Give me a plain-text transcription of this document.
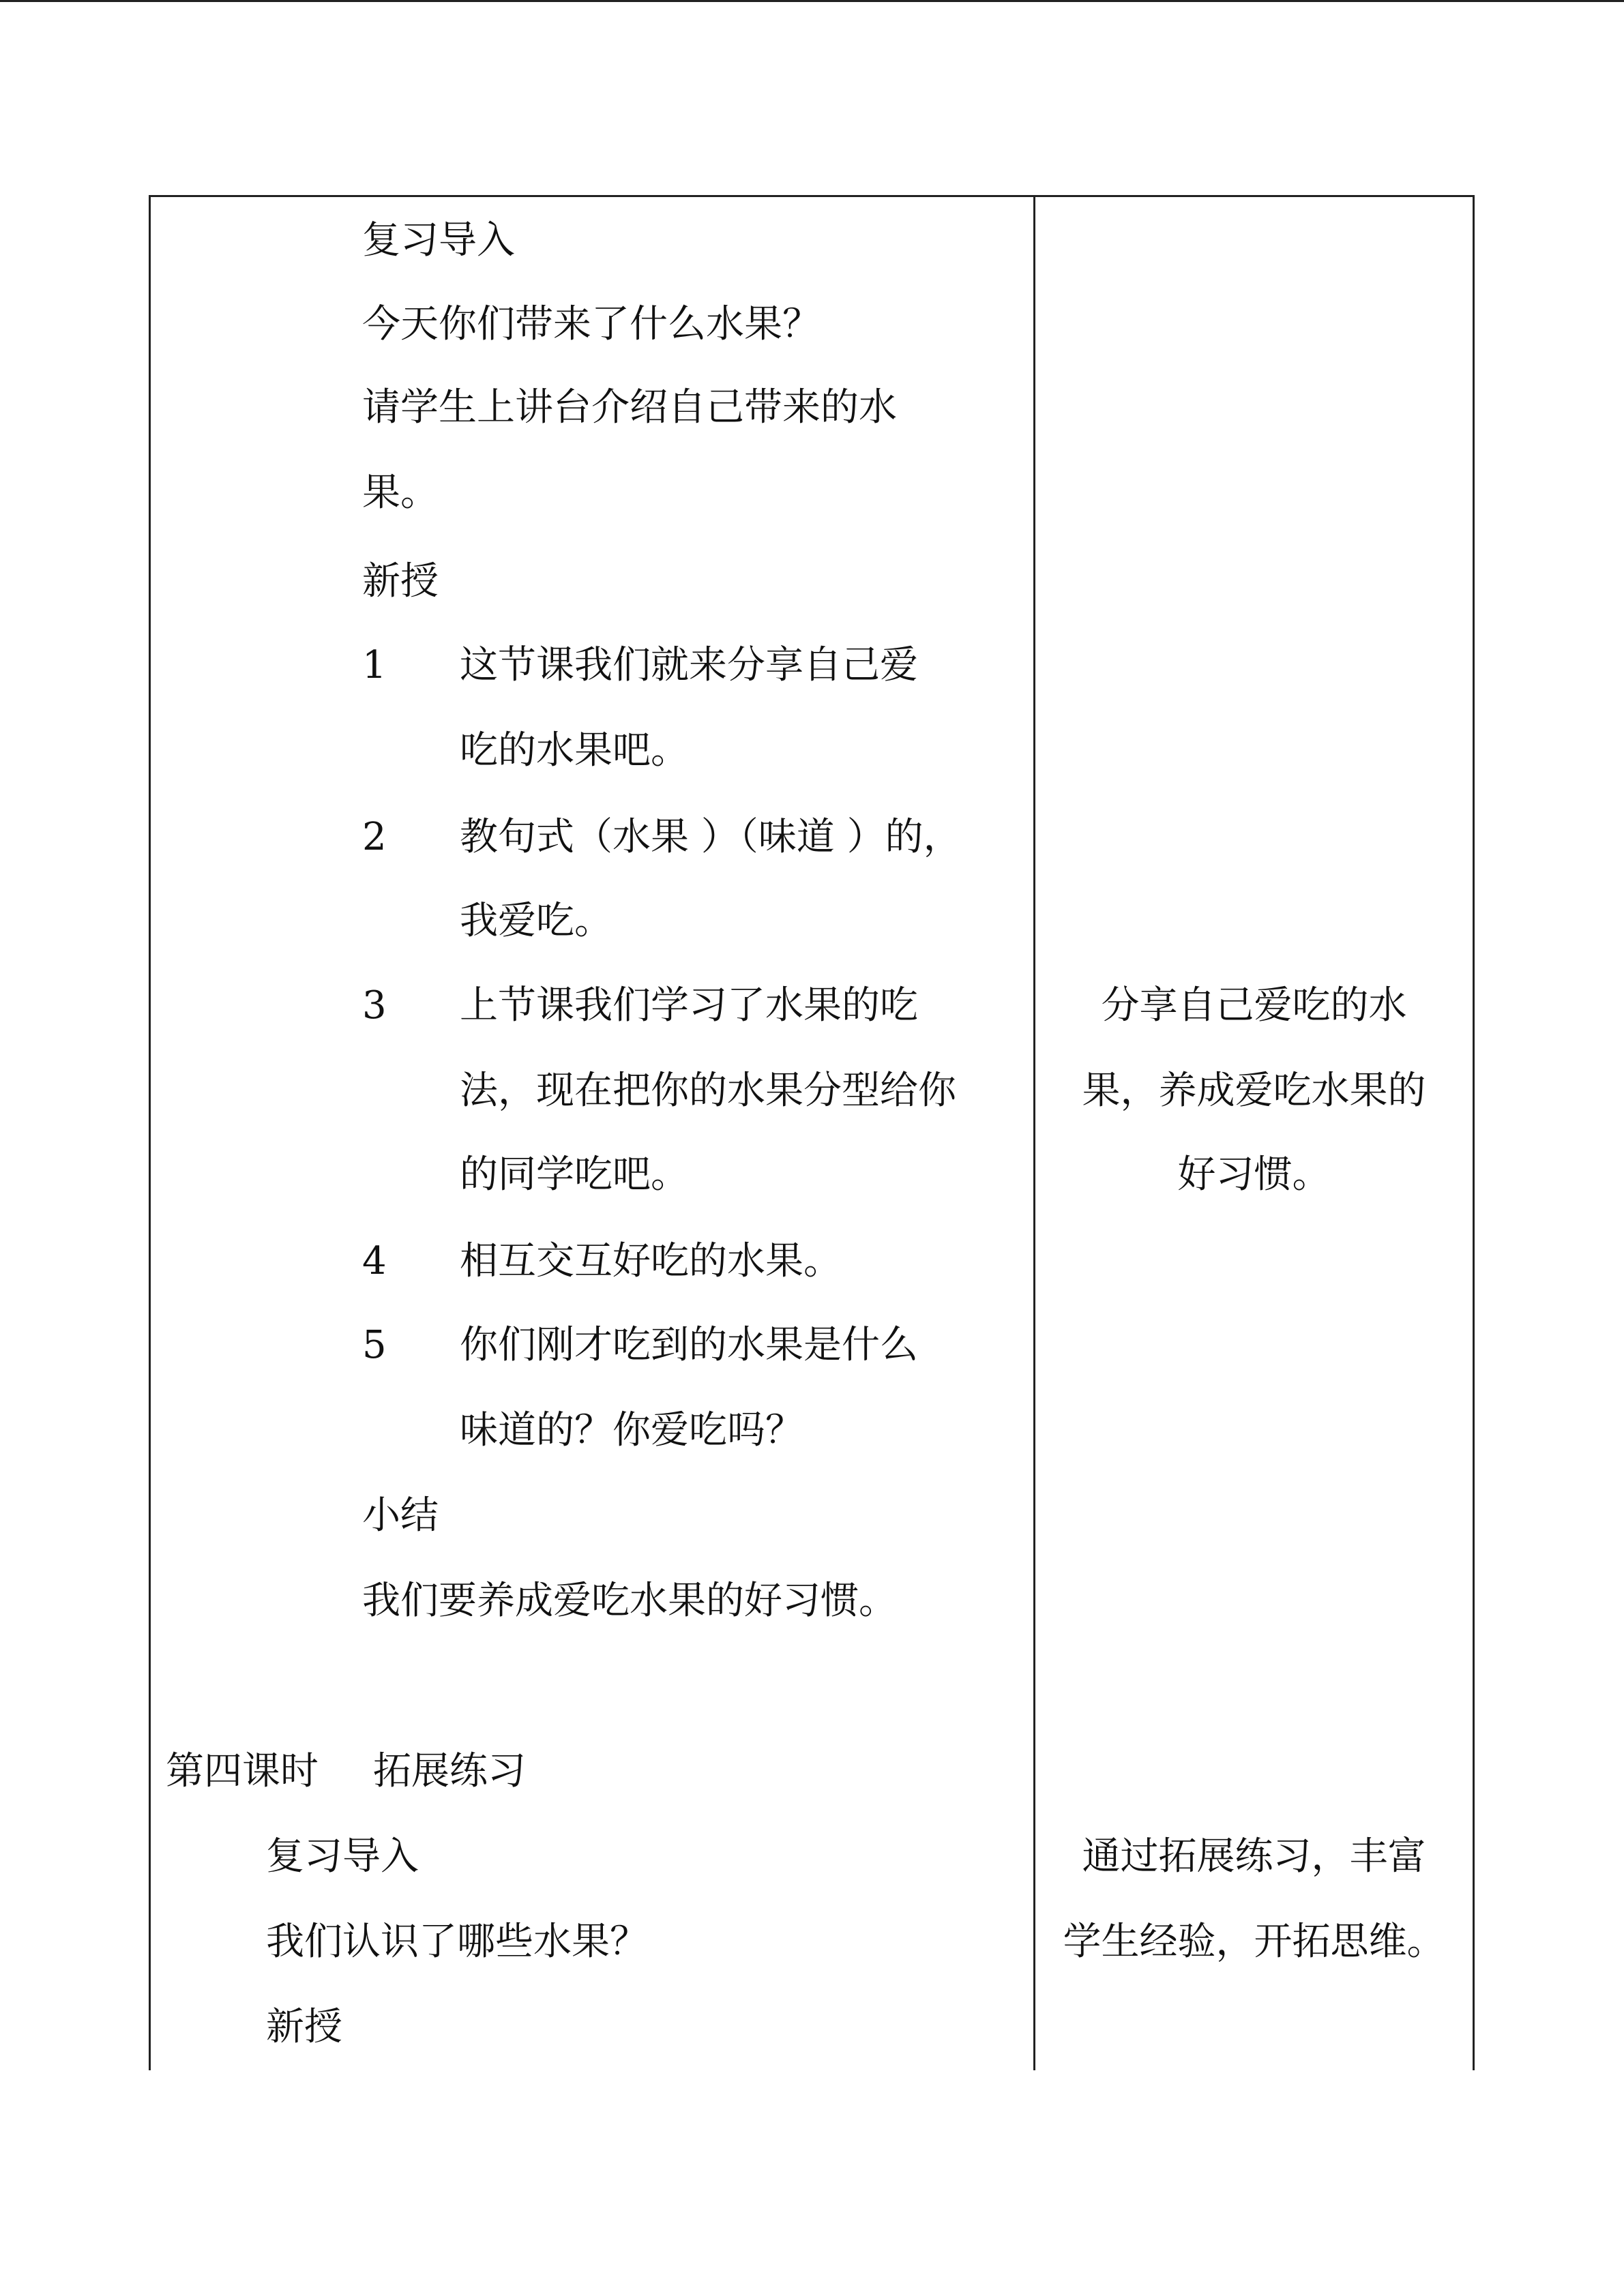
复习导入
今天你们带来了什么水果？
请学生上讲台介绍自己带来的水
果。
新授
1 这节课我们就来分享自己爱
吃的水果吧。
2 教句式（水果 ）（味道 ）的，
我爱吃。
3 上节课我们学习了水果的吃
法，现在把你的水果分型给你
的同学吃吧。
4 相互交互好吃的水果。
5 你们刚才吃到的水果是什么
味道的？你爱吃吗？
小结
我们要养成爱吃水果的好习惯。
第四课时 拓展练习
复习导入
我们认识了哪些水果？
新授
分享自己爱吃的水
果，养成爱吃水果的
好习惯。
通过拓展练习，丰富
学生经验，开拓思维。
